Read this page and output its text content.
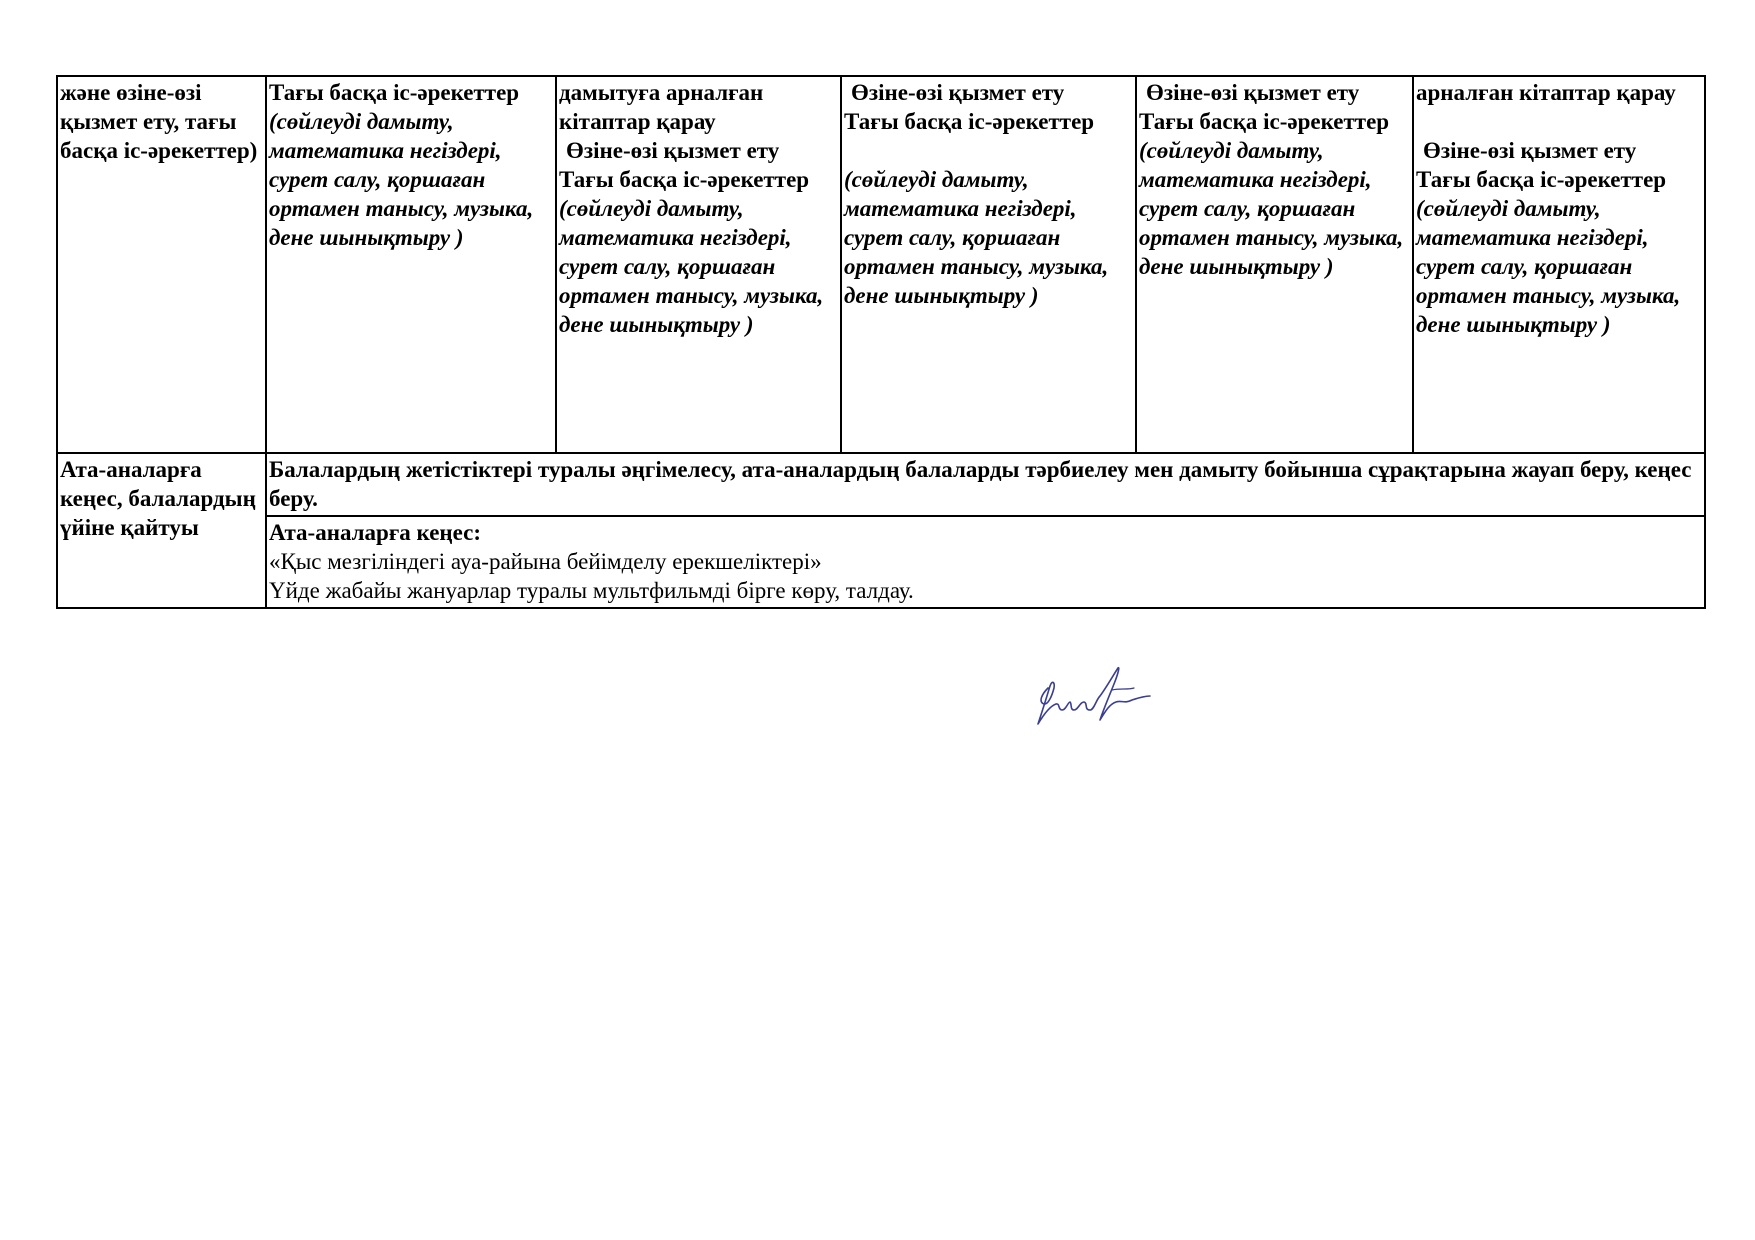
және өзіне-өзі қызмет ету, тағы басқа іс-әрекеттер)	Тағы басқа іс-әрекеттер
(сөйлеуді дамыту, математика негіздері, сурет салу, қоршаған ортамен танысу, музыка, дене шынықтыру )	дамытуға арналған кітаптар қарау
Өзіне-өзі қызмет ету
Тағы басқа іс-әрекеттер
(сөйлеуді дамыту, математика негіздері, сурет салу, қоршаған ортамен танысу, музыка, дене шынықтыру )	Өзіне-өзі қызмет ету
Тағы басқа іс-әрекеттер
(сөйлеуді дамыту, математика негіздері, сурет салу, қоршаған ортамен танысу, музыка, дене шынықтыру )	Өзіне-өзі қызмет ету
Тағы басқа іс-әрекеттер
(сөйлеуді дамыту, математика негіздері, сурет салу, қоршаған ортамен танысу, музыка, дене шынықтыру )	арналған кітаптар қарау
Өзіне-өзі қызмет ету
Тағы басқа іс-әрекеттер
(сөйлеуді дамыту, математика негіздері, сурет салу, қоршаған ортамен танысу, музыка, дене шынықтыру )

Ата-аналарға кеңес, балалардың үйіне қайтуы	Балалардың жетістіктері туралы әңгімелесу, ата-аналардың балаларды тәрбиелеу мен дамыту бойынша сұрақтарына жауап беру, кеңес беру.				

	Ата-аналарға кеңес:
«Қыс мезгіліндегі ауа-райына бейімделу ерекшеліктері»
Үйде жабайы жануарлар туралы мультфильмді бірге көру, талдау.				
